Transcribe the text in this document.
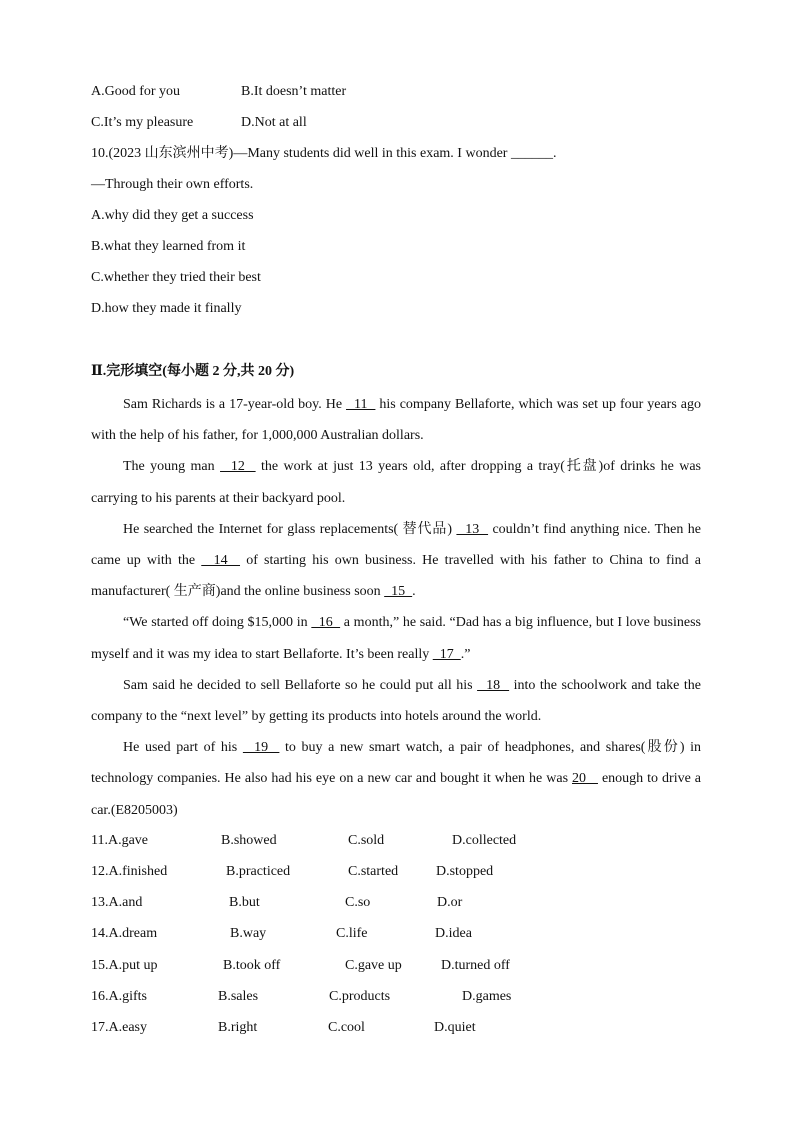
A.Good for you	B.It doesn’t matter
C.It’s my pleasure	D.Not at all
10.(2023 山东滨州中考)—Many students did well in this exam. I wonder ______.
—Through their own efforts.
A.why did they get a success
B.what they learned from it
C.whether they tried their best
D.how they made it finally
Ⅱ.完形填空(每小题 2 分,共 20 分)

Sam Richards is a 17-year-old boy. He   11   his company Bellaforte, which was set up four years ago with the help of his father, for 1,000,000 Australian dollars.

The young man   12   the work at just 13 years old, after dropping a tray(托盘)of drinks he was carrying to his parents at their backyard pool.

He searched the Internet for glass replacements( 替代品)   13   couldn’t find anything nice. Then he came up with the   14   of starting his own business. He travelled with his father to China to find a manufacturer( 生产商)and the online business soon   15  .

“We started off doing $15,000 in   16   a month,” he said. “Dad has a big influence, but I love business myself and it was my idea to start Bellaforte. It’s been really   17  .”

Sam said he decided to sell Bellaforte so he could put all his   18   into the schoolwork and take the company to the “next level” by getting its products into hotels around the world.

He used part of his   19   to buy a new smart watch, a pair of headphones, and shares(股份) in technology companies. He also had his eye on a new car and bought it when he was 20    enough to drive a car.(E8205003)

11.A.gave	B.showed	C.sold	D.collected
12.A.finished	B.practiced	C.started	D.stopped
13.A.and	B.but	C.so	D.or
14.A.dream	B.way	C.life	D.idea
15.A.put up	B.took off	C.gave up	D.turned off
16.A.gifts	B.sales	C.products	D.games
17.A.easy	B.right	C.cool	D.quiet
